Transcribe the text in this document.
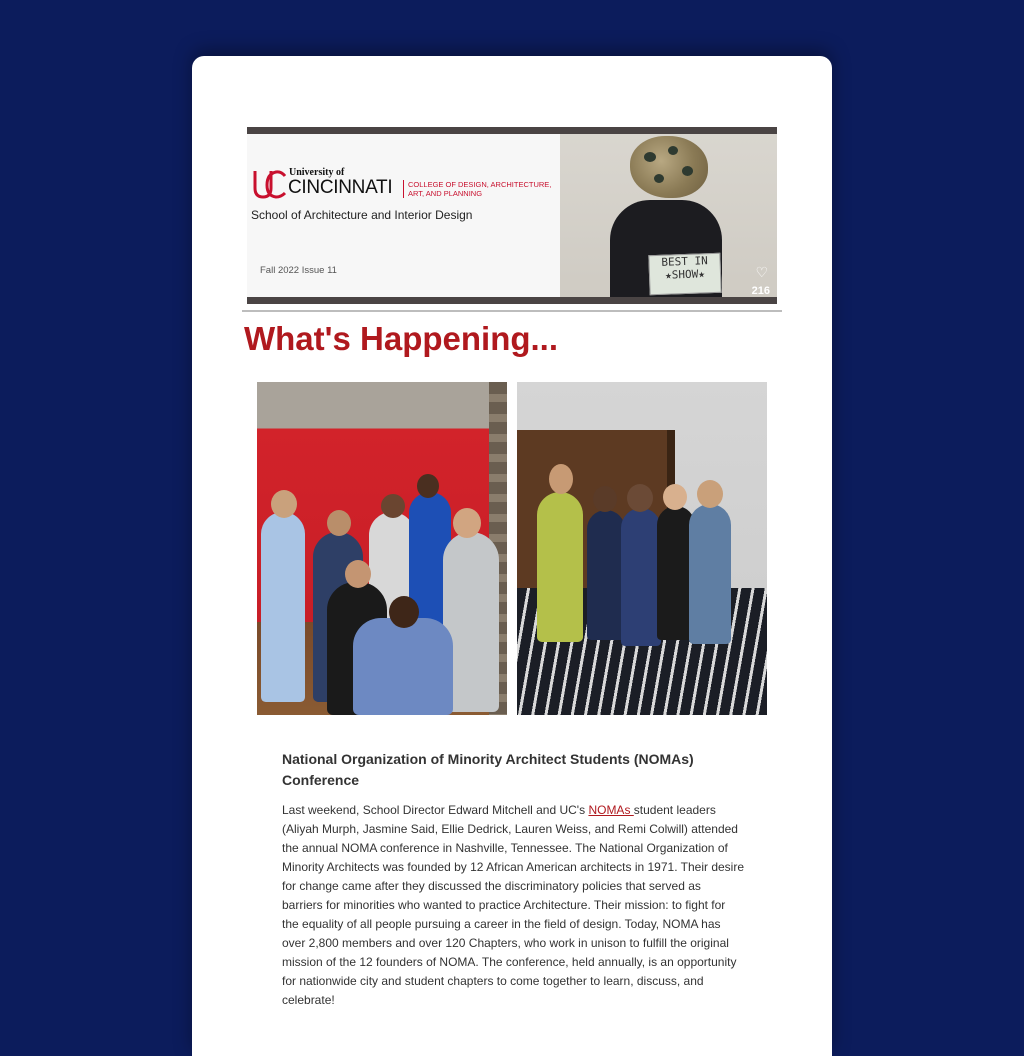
University of
CINCINNATI COLLEGE OF DESIGN, ARCHITECTURE, ART, AND PLANNING
School of Architecture and Interior Design
Fall 2022 Issue 11
BEST IN
★SHOW★	♡
216
What's Happening...
National Organization of Minority Architect Students (NOMAs) Conference

Last weekend, School Director Edward Mitchell and UC's NOMAs student leaders (Aliyah Murph, Jasmine Said, Ellie Dedrick, Lauren Weiss, and Remi Colwill) attended the annual NOMA conference in Nashville, Tennessee. The National Organization of Minority Architects was founded by 12 African American architects in 1971. Their desire for change came after they discussed the discriminatory policies that served as barriers for minorities who wanted to practice Architecture. Their mission: to fight for the equality of all people pursuing a career in the field of design. Today, NOMA has over 2,800 members and over 120 Chapters, who work in unison to fulfill the original mission of the 12 founders of NOMA. The conference, held annually, is an opportunity for nationwide city and student chapters to come together to learn, discuss, and celebrate!
